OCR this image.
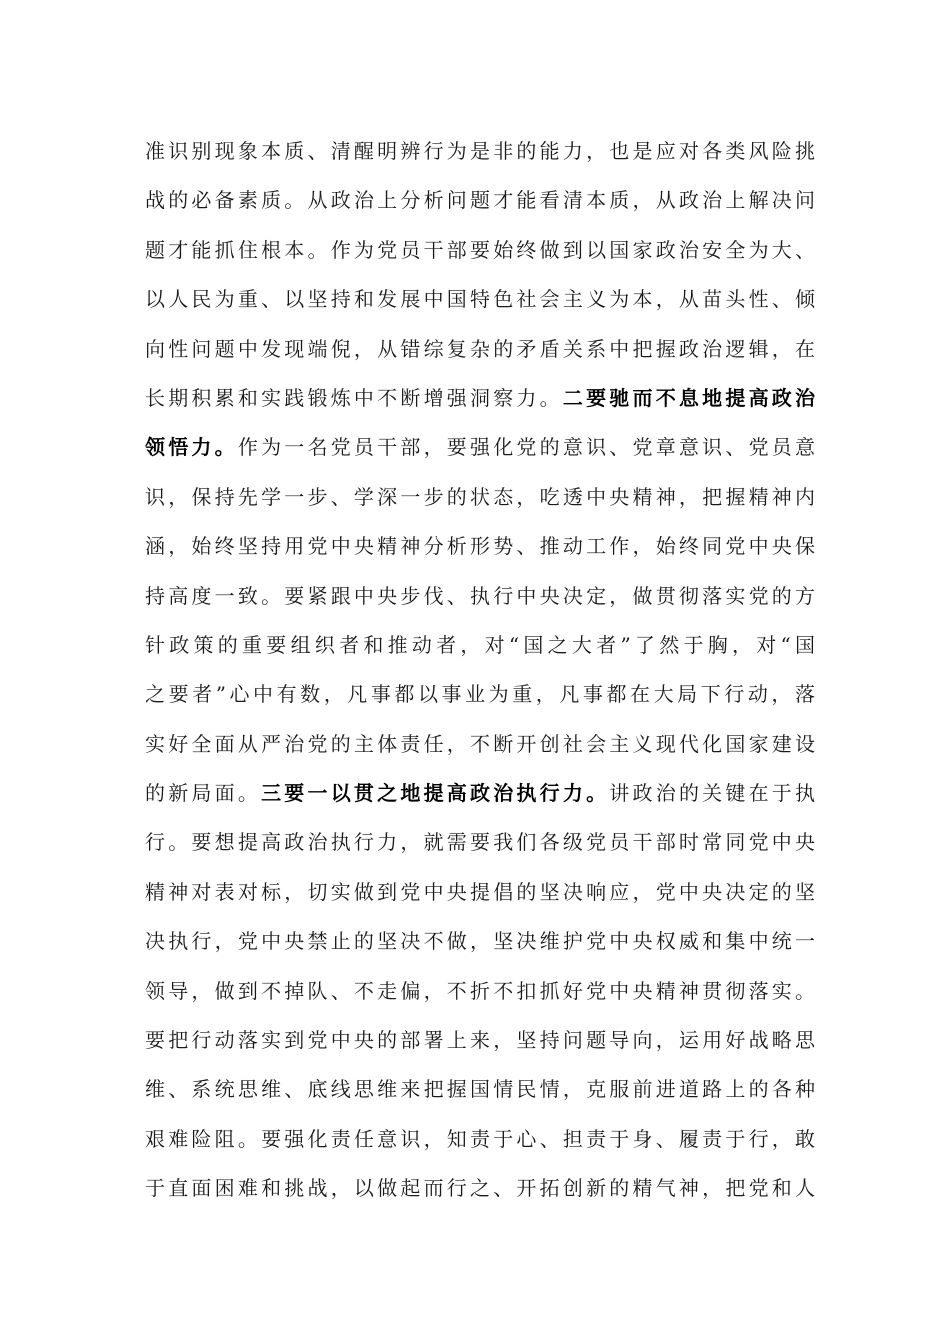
准识别现象本质、清醒明辨行为是非的能力，也是应对各类风险挑
战的必备素质。从政治上分析问题才能看清本质，从政治上解决问
题才能抓住根本。作为党员干部要始终做到以国家政治安全为大、
以人民为重、以坚持和发展中国特色社会主义为本，从苗头性、倾
向性问题中发现端倪，从错综复杂的矛盾关系中把握政治逻辑，在
长期积累和实践锻炼中不断增强洞察力。二要驰而不息地提高政治
领悟力。作为一名党员干部，要强化党的意识、党章意识、党员意
识，保持先学一步、学深一步的状态，吃透中央精神，把握精神内
涵，始终坚持用党中央精神分析形势、推动工作，始终同党中央保
持高度一致。要紧跟中央步伐、执行中央决定，做贯彻落实党的方
针政策的重要组织者和推动者，对“国之大者”了然于胸，对“国
之要者”心中有数，凡事都以事业为重，凡事都在大局下行动，落
实好全面从严治党的主体责任，不断开创社会主义现代化国家建设
的新局面。三要一以贯之地提高政治执行力。讲政治的关键在于执
行。要想提高政治执行力，就需要我们各级党员干部时常同党中央
精神对表对标，切实做到党中央提倡的坚决响应，党中央决定的坚
决执行，党中央禁止的坚决不做，坚决维护党中央权威和集中统一
领导，做到不掉队、不走偏，不折不扣抓好党中央精神贯彻落实。
要把行动落实到党中央的部署上来，坚持问题导向，运用好战略思
维、系统思维、底线思维来把握国情民情，克服前进道路上的各种
艰难险阻。要强化责任意识，知责于心、担责于身、履责于行，敢
于直面困难和挑战，以做起而行之、开拓创新的精气神，把党和人
